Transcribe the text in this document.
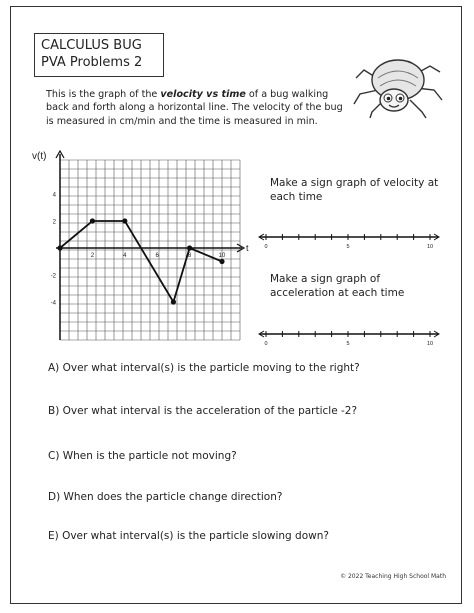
CALCULUS BUG
PVA Problems 2
This is the graph of the velocity vs time of a bug walking back and forth along a horizontal line. The velocity of the bug is measured in cm/min and the time is measured in min.
v(t)
t
4
2
-2
-4
2	4	6	8	10
Make a sign graph of velocity at each time
0	5	10
Make a sign graph of acceleration at each time
0	5	10
A) Over what interval(s) is the particle moving to the right?
B) Over what interval is the acceleration of the particle -2?
C) When is the particle not moving?
D) When does the particle change direction?
E) Over what interval(s) is the particle slowing down?
© 2022 Teaching High School Math
